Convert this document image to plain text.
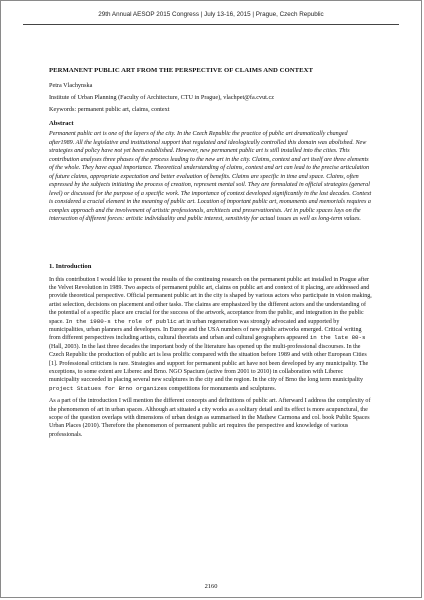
29th Annual AESOP 2015 Congress | July 13-16, 2015 | Prague, Czech Republic
PERMANENT PUBLIC ART FROM THE PERSPECTIVE OF CLAIMS AND CONTEXT
Petra Vlachynska
Institute of Urban Planning (Faculty of Architecture, CTU in Prague), vlachpet@fa.cvut.cz
Keywords: permanent public art, claims, context
Abstract

Permanent public art is one of the layers of the city. In the Czech Republic the practice of public art dramatically changed after1989. All the legislative and institutional support that regulated and ideologically controlled this domain was abolished. New strategies and policy have not yet been established. However, new permanent public art is still installed into the cities. This contribution analyses three phases of the process leading to the new art in the city. Claims, context and art itself are three elements of the whole. They have equal importance. Theoretical understanding of claims, context and art can lead to the precise articulation of future claims, appropriate expectation and better evaluation of benefits. Claims are specific in time and space. Claims, often expressed by the subjects initiating the process of creation, represent mental soil. They are formulated in official strategies (general level) or discussed for the purpose of a specific work. The importance of context developed significantly in the last decades. Context is considered a crucial element in the meaning of public art. Location of important public art, monuments and memorials requires a complex approach and the involvement of artistic professionals, architects and preservationists. Art in public spaces lays on the intersection of different forces: artistic individuality and public interest, sensitivity for actual issues as well as long-term values.

1. Introduction

In this contribution I would like to present the results of the continuing research on the permanent public art installed in Prague after the Velvet Revolution in 1989. Two aspects of permanent public art, claims on public art and context of it placing, are addressed and provide theoretical perspective. Official permanent public art in the city is shaped by various actors who participate in vision making, artist selection, decisions on placement and other tasks. The claims are emphasized by the different actors and the understanding of the potential of a specific place are crucial for the success of the artwork, acceptance from the public, and integration in the public space. In the 1980-s the role of public art in urban regeneration was strongly advocated and supported by municipalities, urban planners and developers. In Europe and the USA numbers of new public artworks emerged. Critical writing from different perspectives including artists, cultural theorists and urban and cultural geographers appeared in the late 80-s (Hall, 2003). In the last three decades the important body of the literature has opened up the multi-professional discourses. In the Czech Republic the production of public art is less prolific compared with the situation before 1989 and with other European Cities [1]. Professional criticism is rare. Strategies and support for permanent public art have not been developed by any municipality. The exceptions, to some extent are Liberec and Brno. NGO Spacium (active from 2001 to 2010) in collaboration with Liberec municipality succeeded in placing several new sculptures in the city and the region. In the city of Brno the long term municipality project Statues for Brno organizes competitions for monuments and sculptures.

As a part of the introduction I will mention the different concepts and definitions of public art. Afterward I address the complexity of the phenomenon of art in urban spaces. Although art situated a city works as a solitary detail and its effect is more acupunctural, the scope of the question overlaps with dimensions of urban design as summarised in the Mathew Carmona and col. book Public Spaces Urban Places (2010). Therefore the phenomenon of permanent public art requires the perspective and knowledge of various professionals.

2160
